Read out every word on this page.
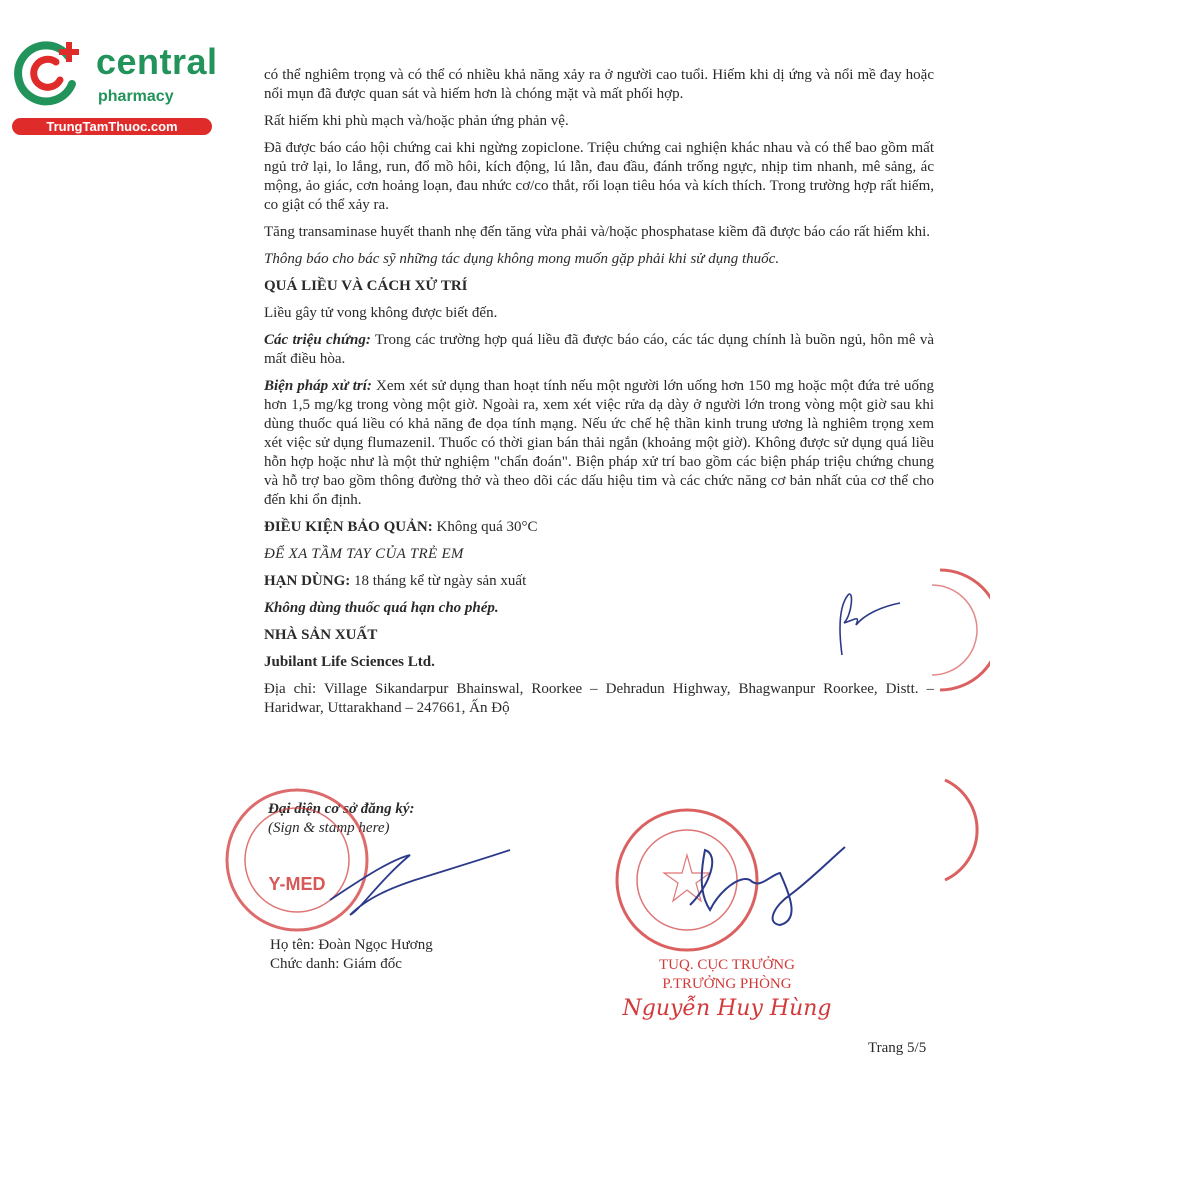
central
pharmacy
TrungTamThuoc.com

có thể nghiêm trọng và có thể có nhiều khả năng xảy ra ở người cao tuổi. Hiếm khi dị ứng và nổi mề đay hoặc nổi mụn đã được quan sát và hiếm hơn là chóng mặt và mất phối hợp.

Rất hiếm khi phù mạch và/hoặc phản ứng phản vệ.

Đã được báo cáo hội chứng cai khi ngừng zopiclone. Triệu chứng cai nghiện khác nhau và có thể bao gồm mất ngủ trở lại, lo lắng, run, đổ mồ hôi, kích động, lú lẫn, đau đầu, đánh trống ngực, nhịp tim nhanh, mê sảng, ác mộng, ảo giác, cơn hoảng loạn, đau nhức cơ/co thắt, rối loạn tiêu hóa và kích thích. Trong trường hợp rất hiếm, co giật có thể xảy ra.

Tăng transaminase huyết thanh nhẹ đến tăng vừa phải và/hoặc phosphatase kiềm đã được báo cáo rất hiếm khi.

Thông báo cho bác sỹ những tác dụng không mong muốn gặp phải khi sử dụng thuốc.

QUÁ LIỀU VÀ CÁCH XỬ TRÍ

Liều gây tử vong không được biết đến.

Các triệu chứng: Trong các trường hợp quá liều đã được báo cáo, các tác dụng chính là buồn ngủ, hôn mê và mất điều hòa.

Biện pháp xử trí: Xem xét sử dụng than hoạt tính nếu một người lớn uống hơn 150 mg hoặc một đứa trẻ uống hơn 1,5 mg/kg trong vòng một giờ. Ngoài ra, xem xét việc rửa dạ dày ở người lớn trong vòng một giờ sau khi dùng thuốc quá liều có khả năng đe dọa tính mạng. Nếu ức chế hệ thần kinh trung ương là nghiêm trọng xem xét việc sử dụng flumazenil. Thuốc có thời gian bán thải ngắn (khoảng một giờ). Không được sử dụng quá liều hỗn hợp hoặc như là một thử nghiệm "chẩn đoán". Biện pháp xử trí bao gồm các biện pháp triệu chứng chung và hỗ trợ bao gồm thông đường thở và theo dõi các dấu hiệu tim và các chức năng cơ bản nhất của cơ thể cho đến khi ổn định.

ĐIỀU KIỆN BẢO QUẢN: Không quá 30°C

ĐỂ XA TẦM TAY CỦA TRẺ EM

HẠN DÙNG: 18 tháng kể từ ngày sản xuất

Không dùng thuốc quá hạn cho phép.

NHÀ SẢN XUẤT

Jubilant Life Sciences Ltd.

Địa chỉ: Village Sikandarpur Bhainswal, Roorkee – Dehradun Highway, Bhagwanpur Roorkee, Distt. – Haridwar, Uttarakhand – 247661, Ấn Độ

Đại diện cơ sở đăng ký:
(Sign & stamp here)
Y-MED
Họ tên: Đoàn Ngọc Hương
Chức danh: Giám đốc	TUQ. CỤC TRƯỞNG
P.TRƯỞNG PHÒNG
Nguyễn Huy Hùng
Trang 5/5
